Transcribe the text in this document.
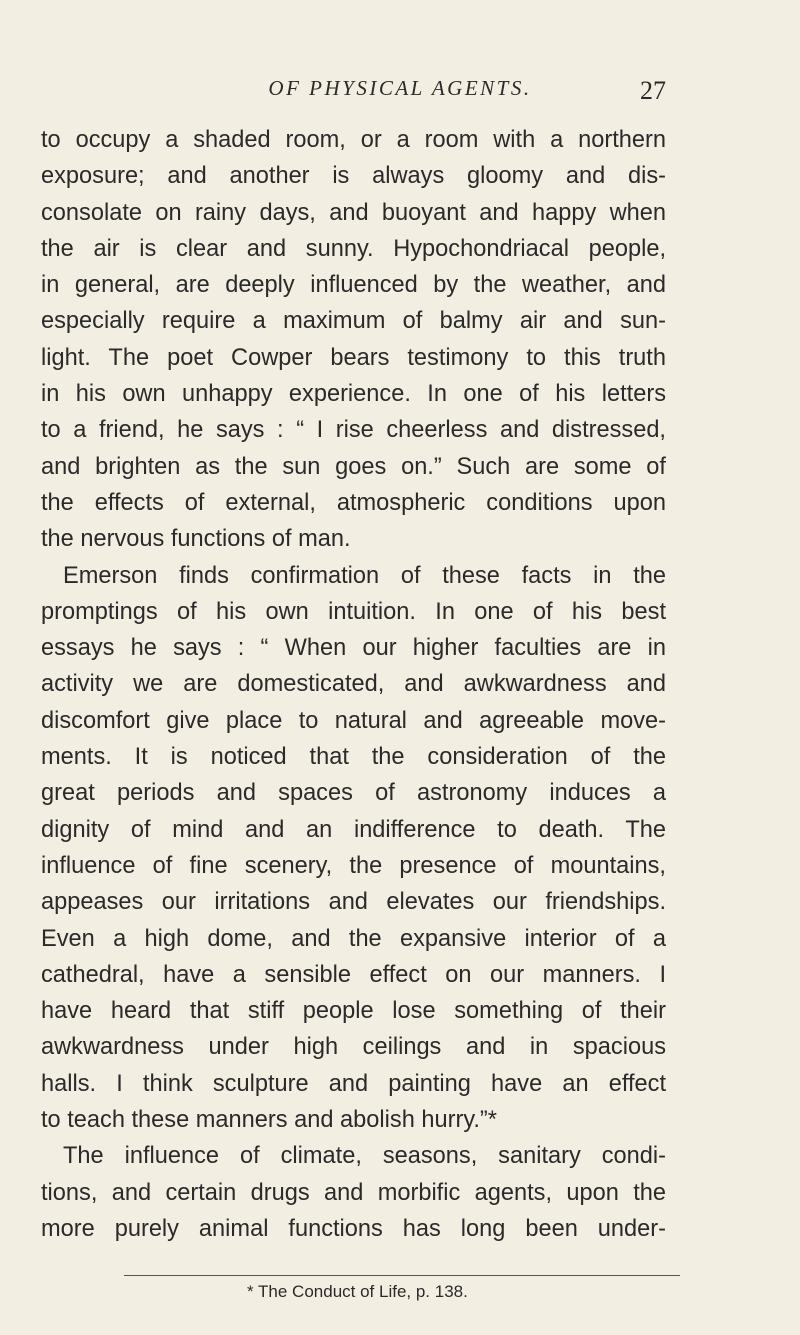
OF PHYSICAL AGENTS.	27
to occupy a shaded room, or a room with a northern
exposure; and another is always gloomy and dis-
consolate on rainy days, and buoyant and happy when
the air is clear and sunny. Hypochondriacal people,
in general, are deeply influenced by the weather, and
especially require a maximum of balmy air and sun-
light. The poet Cowper bears testimony to this truth
in his own unhappy experience. In one of his letters
to a friend, he says : “ I rise cheerless and distressed,
and brighten as the sun goes on.” Such are some of
the effects of external, atmospheric conditions upon
the nervous functions of man.
Emerson finds confirmation of these facts in the
promptings of his own intuition. In one of his best
essays he says : “ When our higher faculties are in
activity we are domesticated, and awkwardness and
discomfort give place to natural and agreeable move-
ments. It is noticed that the consideration of the
great periods and spaces of astronomy induces a
dignity of mind and an indifference to death. The
influence of fine scenery, the presence of mountains,
appeases our irritations and elevates our friendships.
Even a high dome, and the expansive interior of a
cathedral, have a sensible effect on our manners. I
have heard that stiff people lose something of their
awkwardness under high ceilings and in spacious
halls. I think sculpture and painting have an effect
to teach these manners and abolish hurry.”*
The influence of climate, seasons, sanitary condi-
tions, and certain drugs and morbific agents, upon the
more purely animal functions has long been under-
* The Conduct of Life, p. 138.
